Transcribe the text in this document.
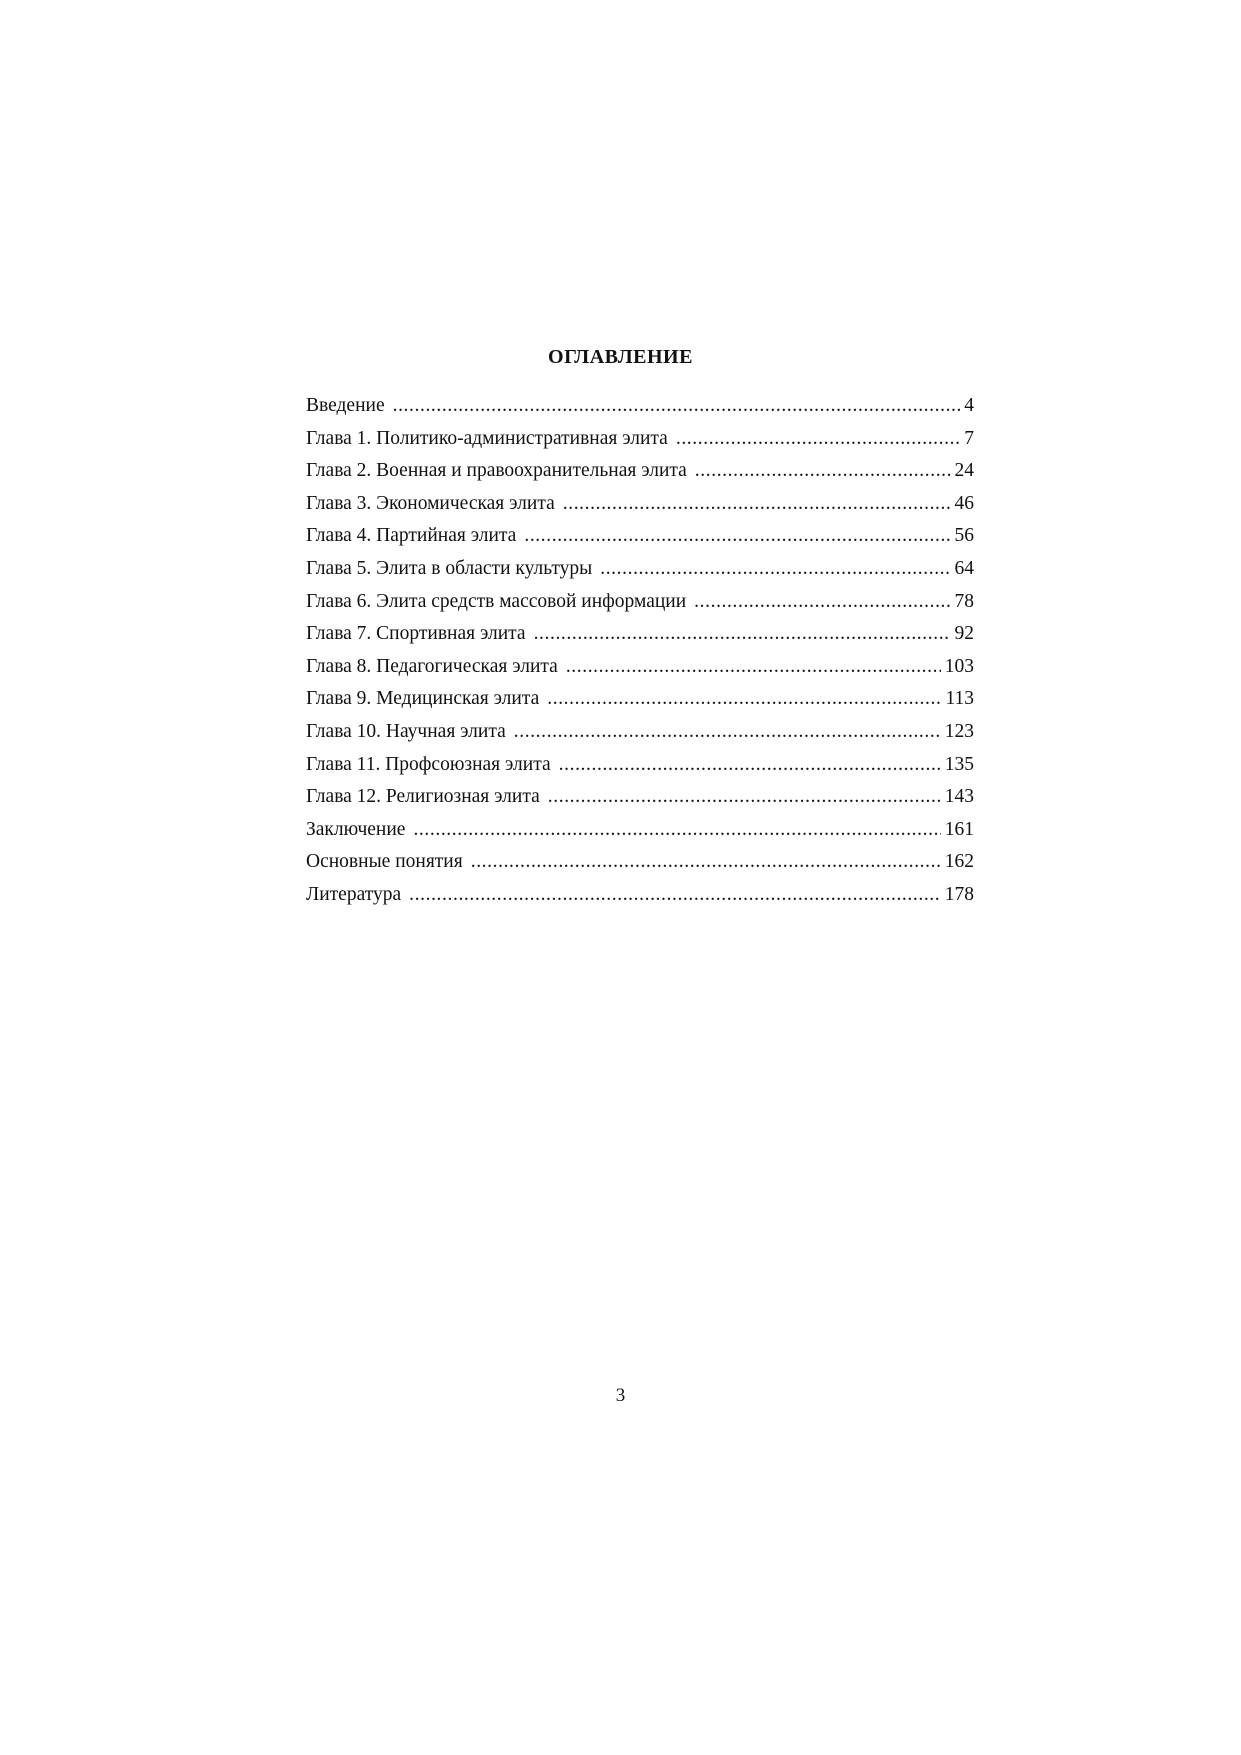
ОГЛАВЛЕНИЕ
Введение .....	4
Глава 1. Политико-административная элита .....	7
Глава 2. Военная и правоохранительная элита .....	24
Глава 3. Экономическая элита .....	46
Глава 4. Партийная элита .....	56
Глава 5. Элита в области культуры .....	64
Глава 6. Элита средств массовой информации .....	78
Глава 7. Спортивная элита .....	92
Глава 8. Педагогическая элита .....	103
Глава 9. Медицинская элита .....	113
Глава 10. Научная элита .....	123
Глава 11. Профсоюзная элита .....	135
Глава 12. Религиозная элита .....	143
Заключение .....	161
Основные понятия .....	162
Литература .....	178
3
